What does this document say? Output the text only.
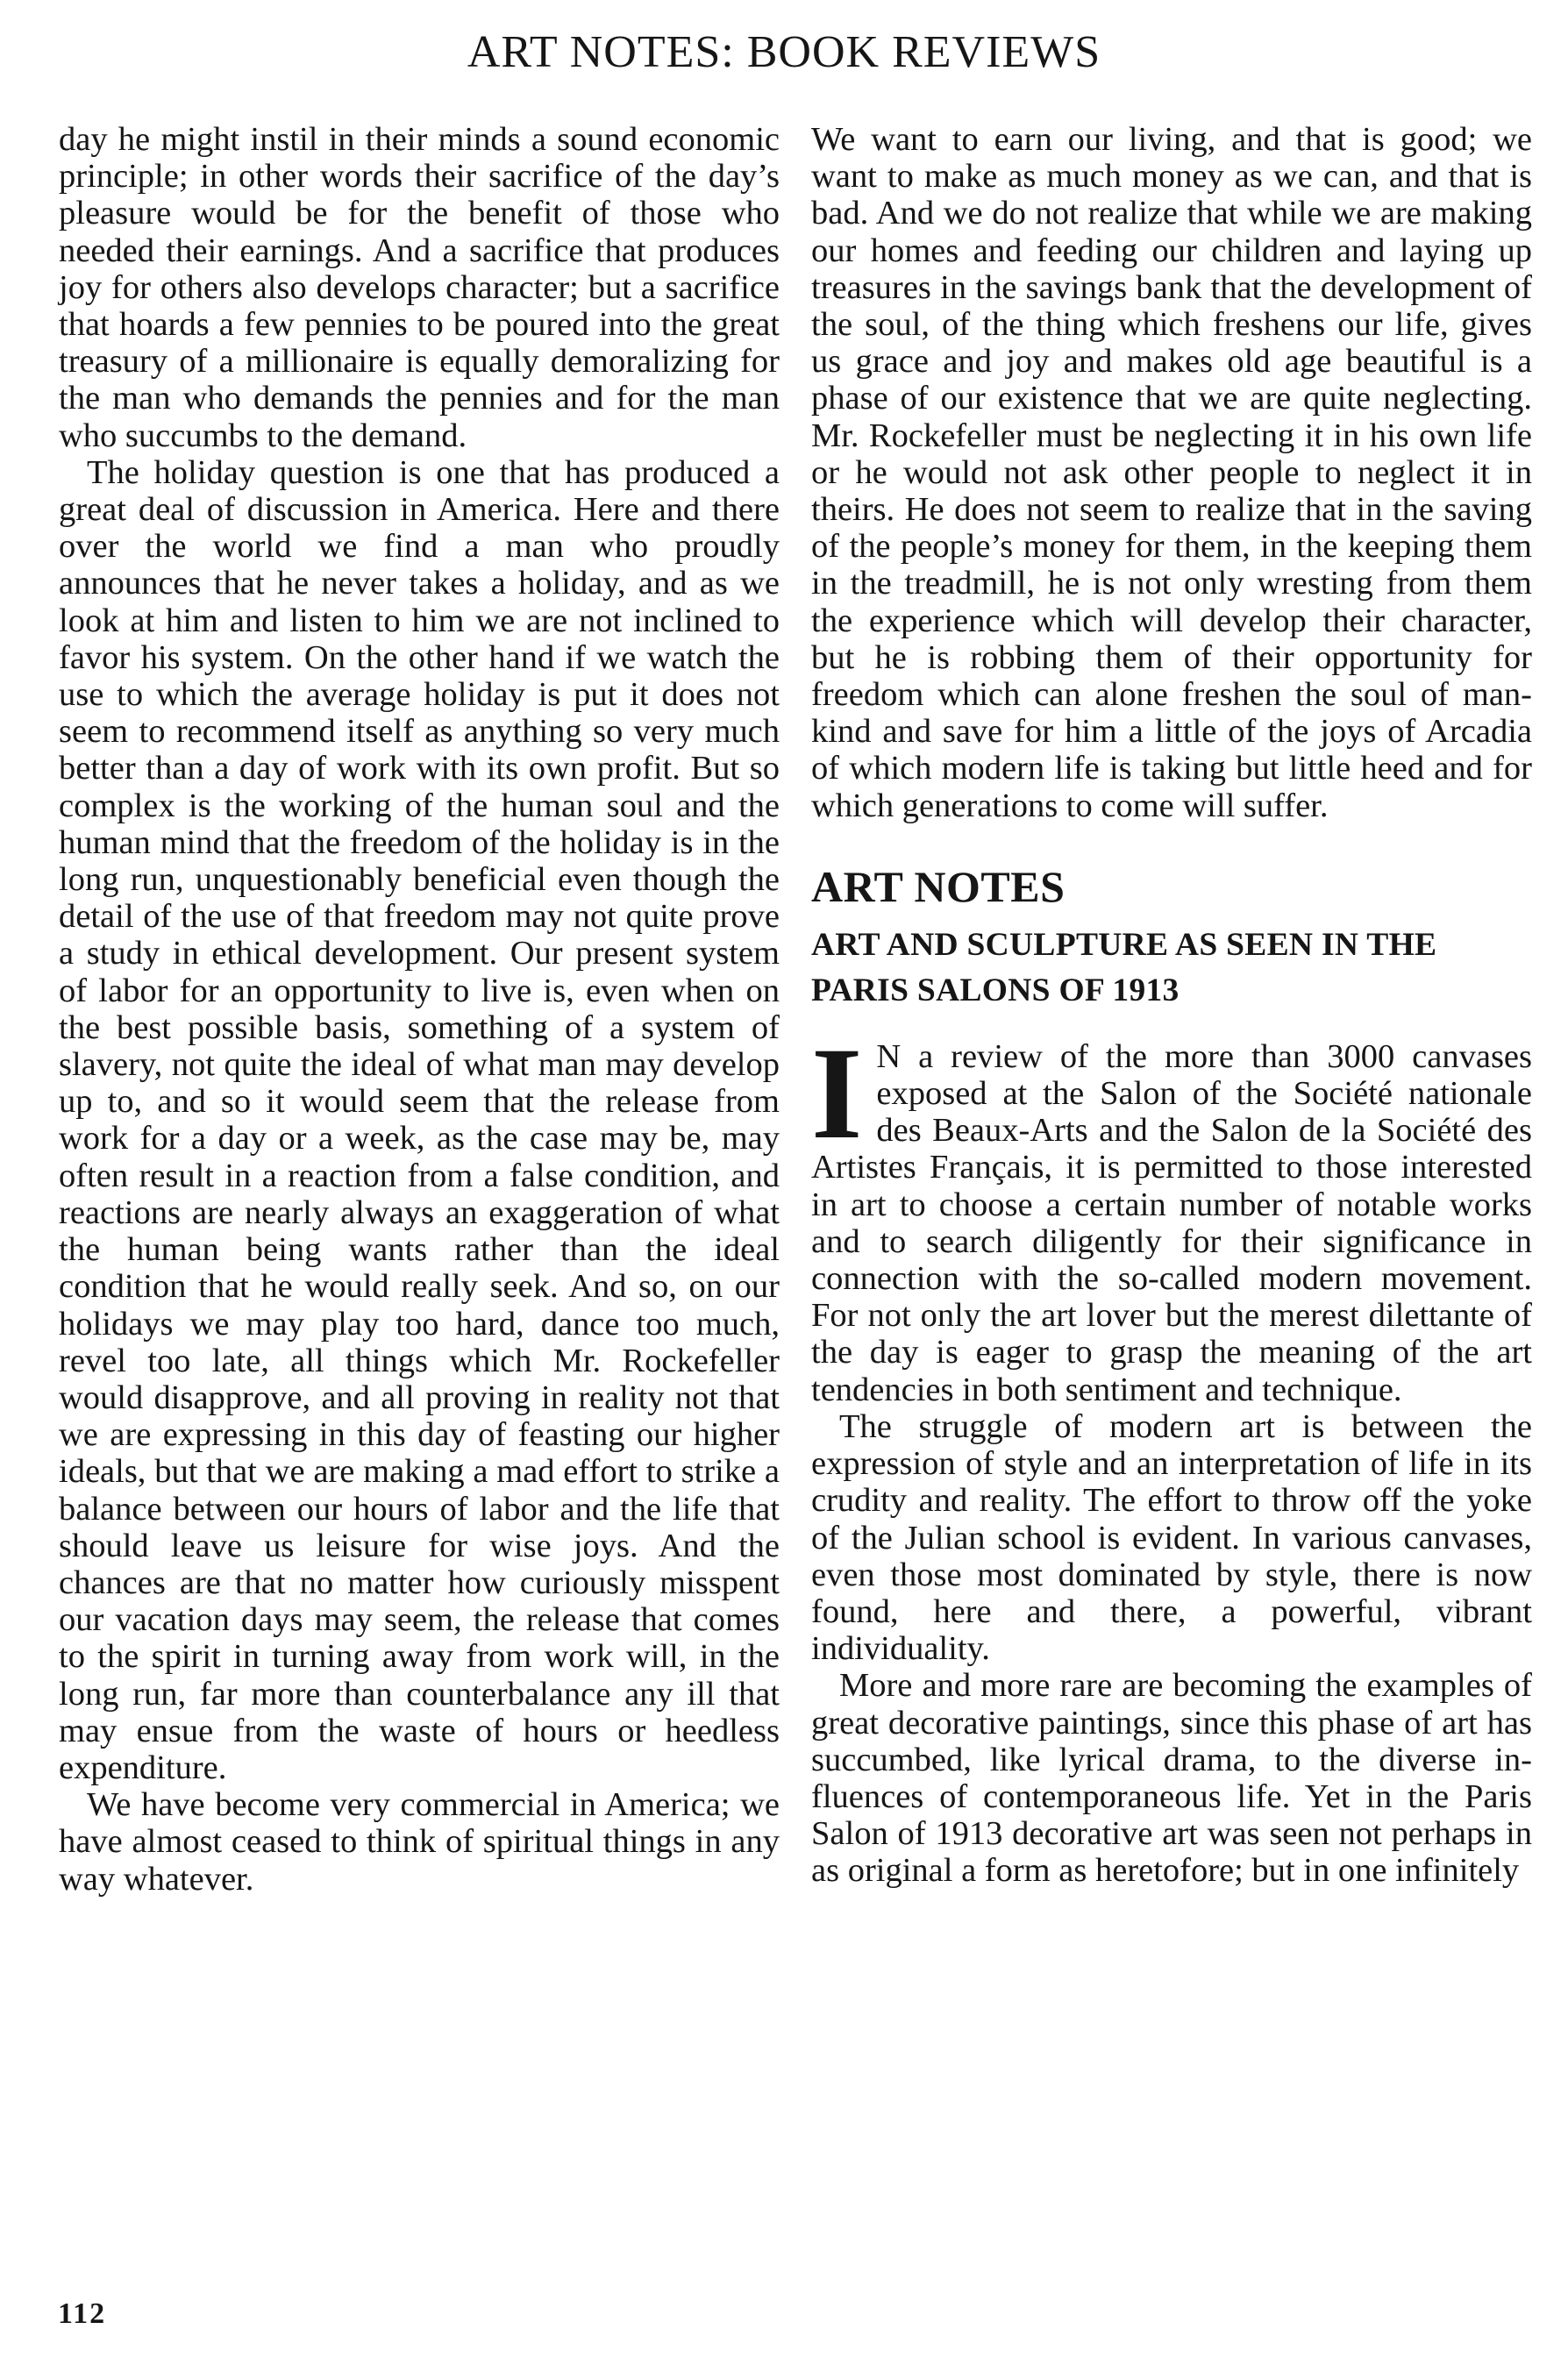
ART NOTES: BOOK REVIEWS

day he might instil in their minds a sound economic principle; in other words their sacrifice of the day’s pleasure would be for the benefit of those who needed their earnings. And a sacrifice that produces joy for others also develops character; but a sacrifice that hoards a few pennies to be poured into the great treasury of a millionaire is equally demoralizing for the man who demands the pennies and for the man who succumbs to the demand.

The holiday question is one that has produced a great deal of discussion in America. Here and there over the world we find a man who proudly announces that he never takes a holiday, and as we look at him and listen to him we are not inclined to favor his system. On the other hand if we watch the use to which the average holiday is put it does not seem to recommend itself as anything so very much better than a day of work with its own profit. But so complex is the working of the human soul and the human mind that the freedom of the holiday is in the long run, unquestionably beneficial even though the detail of the use of that freedom may not quite prove a study in ethical development. Our present system of labor for an opportunity to live is, even when on the best possible basis, something of a system of slavery, not quite the ideal of what man may develop up to, and so it would seem that the release from work for a day or a week, as the case may be, may often result in a reaction from a false condition, and reactions are nearly always an exaggeration of what the human being wants rather than the ideal condition that he would really seek. And so, on our holidays we may play too hard, dance too much, revel too late, all things which Mr. Rockefeller would disapprove, and all proving in reality not that we are expressing in this day of feasting our higher ideals, but that we are making a mad effort to strike a balance between our hours of labor and the life that should leave us leisure for wise joys. And the chances are that no matter how curiously misspent our vacation days may seem, the release that comes to the spirit in turning away from work will, in the long run, far more than counterbalance any ill that may ensue from the waste of hours or heedless expenditure.

We have become very commercial in America; we have almost ceased to think of spiritual things in any way whatever.

We want to earn our living, and that is good; we want to make as much money as we can, and that is bad. And we do not realize that while we are making our homes and feeding our children and laying up treasures in the savings bank that the development of the soul, of the thing which freshens our life, gives us grace and joy and makes old age beautiful is a phase of our existence that we are quite neglecting. Mr. Rockefeller must be neglecting it in his own life or he would not ask other people to neglect it in theirs. He does not seem to realize that in the saving of the people’s money for them, in the keeping them in the treadmill, he is not only wresting from them the experience which will develop their character, but he is robbing them of their opportunity for freedom which can alone freshen the soul of mankind and save for him a little of the joys of Arcadia of which modern life is taking but little heed and for which generations to come will suffer.

ART NOTES
ART AND SCULPTURE AS SEEN IN THE PARIS SALONS OF 1913

I N a review of the more than 3000 canvases exposed at the Salon of the Société nationale des Beaux-Arts and the Salon de la Société des Artistes Français, it is permitted to those interested in art to choose a certain number of notable works and to search diligently for their significance in connection with the so-called modern movement. For not only the art lover but the merest dilettante of the day is eager to grasp the meaning of the art tendencies in both sentiment and technique.

The struggle of modern art is between the expression of style and an interpretation of life in its crudity and reality. The effort to throw off the yoke of the Julian school is evident. In various canvases, even those most dominated by style, there is now found, here and there, a powerful, vibrant individuality.

More and more rare are becoming the examples of great decorative paintings, since this phase of art has succumbed, like lyrical drama, to the diverse influences of contemporaneous life. Yet in the Paris Salon of 1913 decorative art was seen not perhaps in as original a form as heretofore; but in one infinitely

112
